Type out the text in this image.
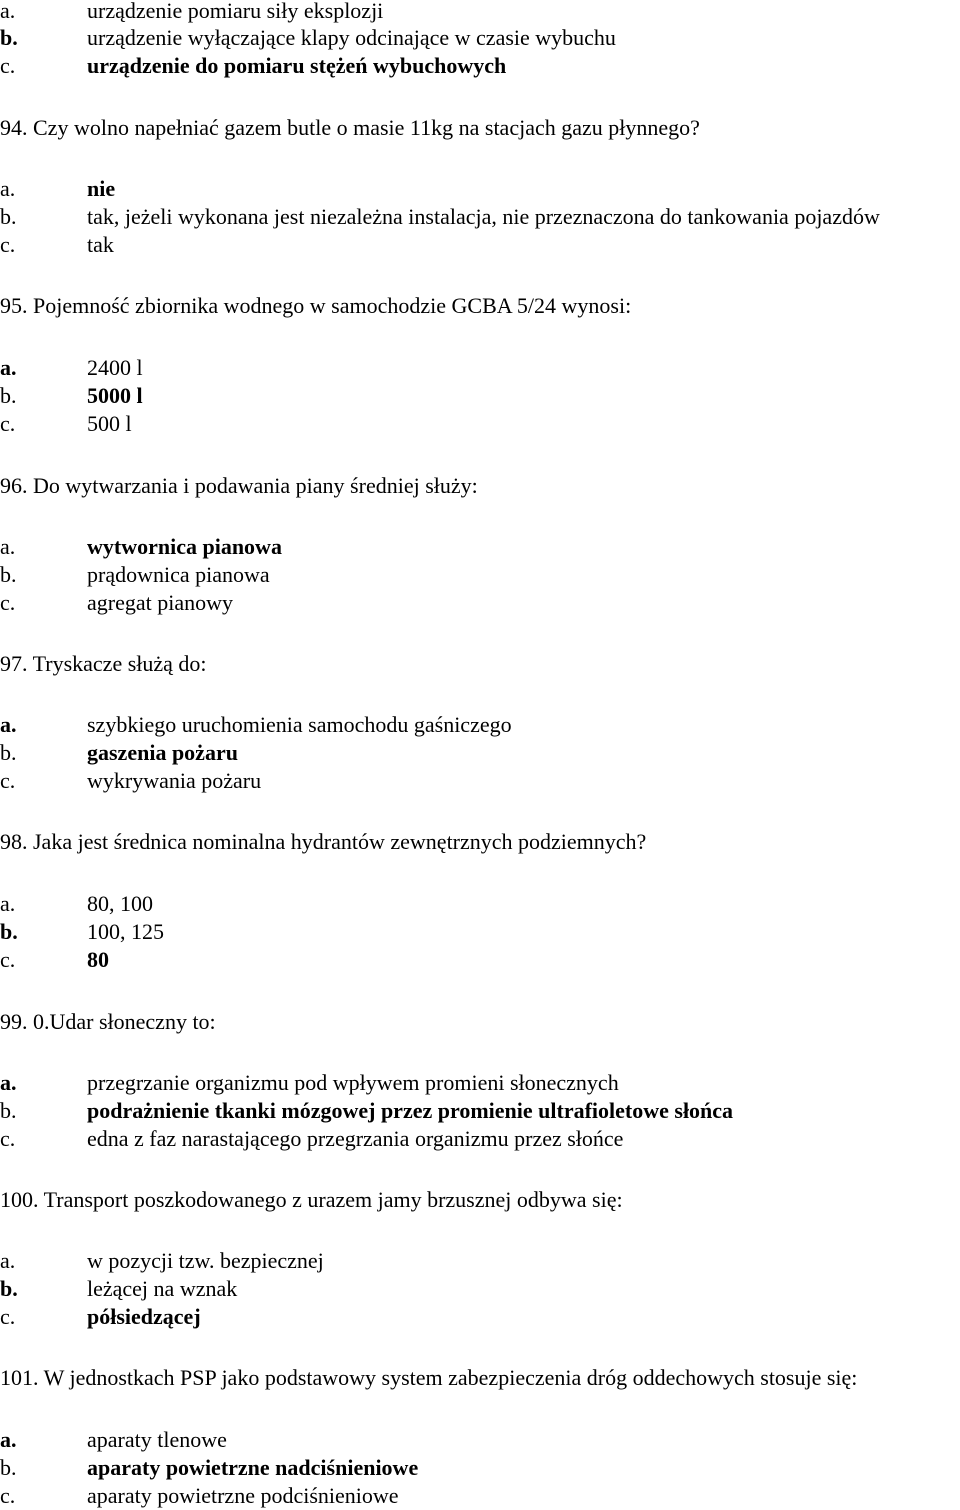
a.	urządzenie pomiaru siły eksplozji
b.	urządzenie wyłączające klapy odcinające w czasie wybuchu
c.	urządzenie do pomiaru stężeń wybuchowych
94. Czy wolno napełniać gazem butle o masie 11kg na stacjach gazu płynnego?
a.	nie
b.	tak, jeżeli wykonana jest niezależna instalacja, nie przeznaczona do tankowania pojazdów
c.	tak
95. Pojemność zbiornika wodnego w samochodzie GCBA 5/24 wynosi:
a.	2400 l
b.	5000 l
c.	500 l
96. Do wytwarzania i podawania piany średniej służy:
a.	wytwornica pianowa
b.	prądownica pianowa
c.	agregat pianowy
97. Tryskacze służą do:
a.	szybkiego uruchomienia samochodu gaśniczego
b.	gaszenia pożaru
c.	wykrywania pożaru
98. Jaka jest średnica nominalna hydrantów zewnętrznych podziemnych?
a.	80, 100
b.	100, 125
c.	80
99. 0.Udar słoneczny to:
a.	przegrzanie organizmu pod wpływem promieni słonecznych
b.	podrażnienie tkanki mózgowej przez promienie ultrafioletowe słońca
c.	edna z faz narastającego przegrzania organizmu przez słońce
100. Transport poszkodowanego z urazem jamy brzusznej odbywa się:
a.	w pozycji tzw. bezpiecznej
b.	leżącej na wznak
c.	półsiedzącej
101. W jednostkach PSP jako podstawowy system zabezpieczenia dróg oddechowych stosuje się:
a.	aparaty tlenowe
b.	aparaty powietrzne nadciśnieniowe
c.	aparaty powietrzne podciśnieniowe
